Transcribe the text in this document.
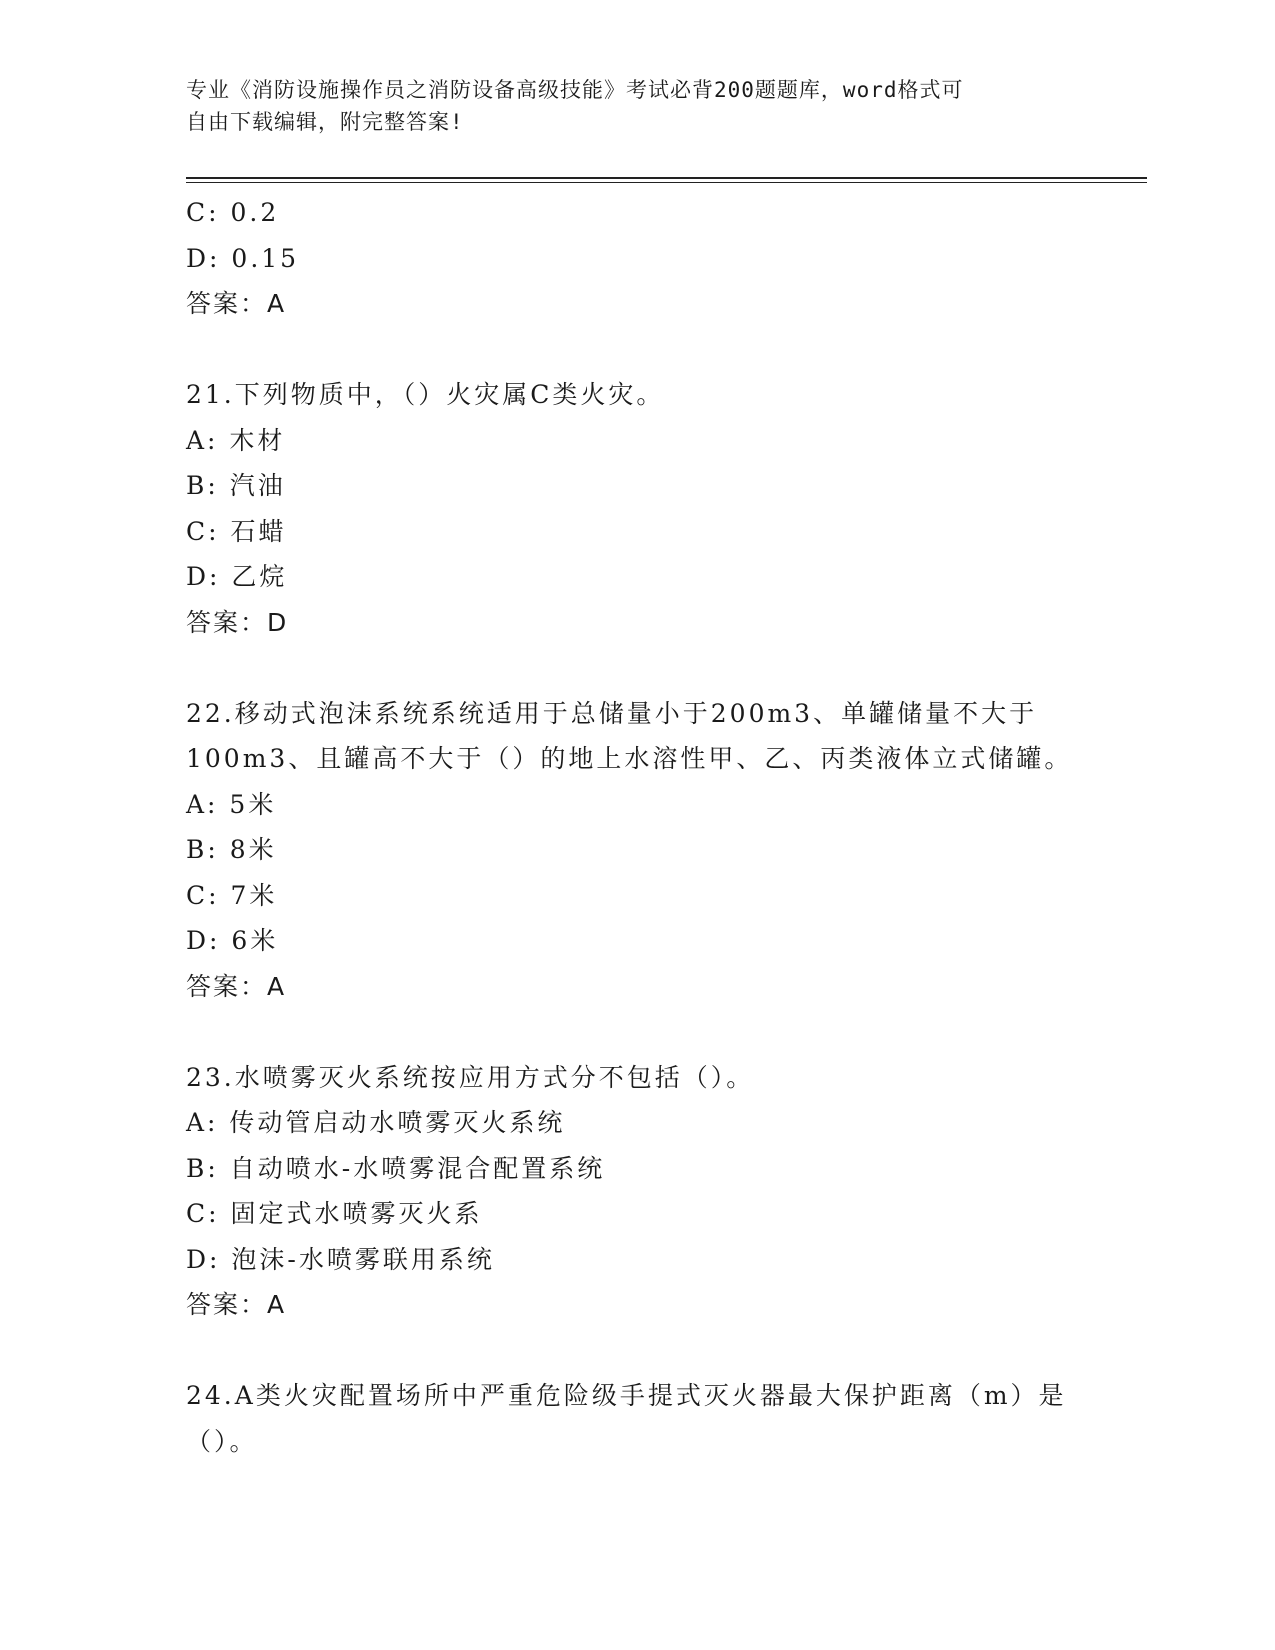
专业《消防设施操作员之消防设备高级技能》考试必背200题题库，word格式可
自由下载编辑，附完整答案!
C: 0.2
D: 0.15
答案：A
21.下列物质中，（）火灾属C类火灾。
A: 木材
B: 汽油
C: 石蜡
D: 乙烷
答案：D
22.移动式泡沫系统系统适用于总储量小于200m3、单罐储量不大于
100m3、且罐高不大于（）的地上水溶性甲、乙、丙类液体立式储罐。
A: 5米
B: 8米
C: 7米
D: 6米
答案：A
23.水喷雾灭火系统按应用方式分不包括（）。
A: 传动管启动水喷雾灭火系统
B: 自动喷水-水喷雾混合配置系统
C: 固定式水喷雾灭火系
D: 泡沫-水喷雾联用系统
答案：A
24.A类火灾配置场所中严重危险级手提式灭火器最大保护距离（m）是
（）。
